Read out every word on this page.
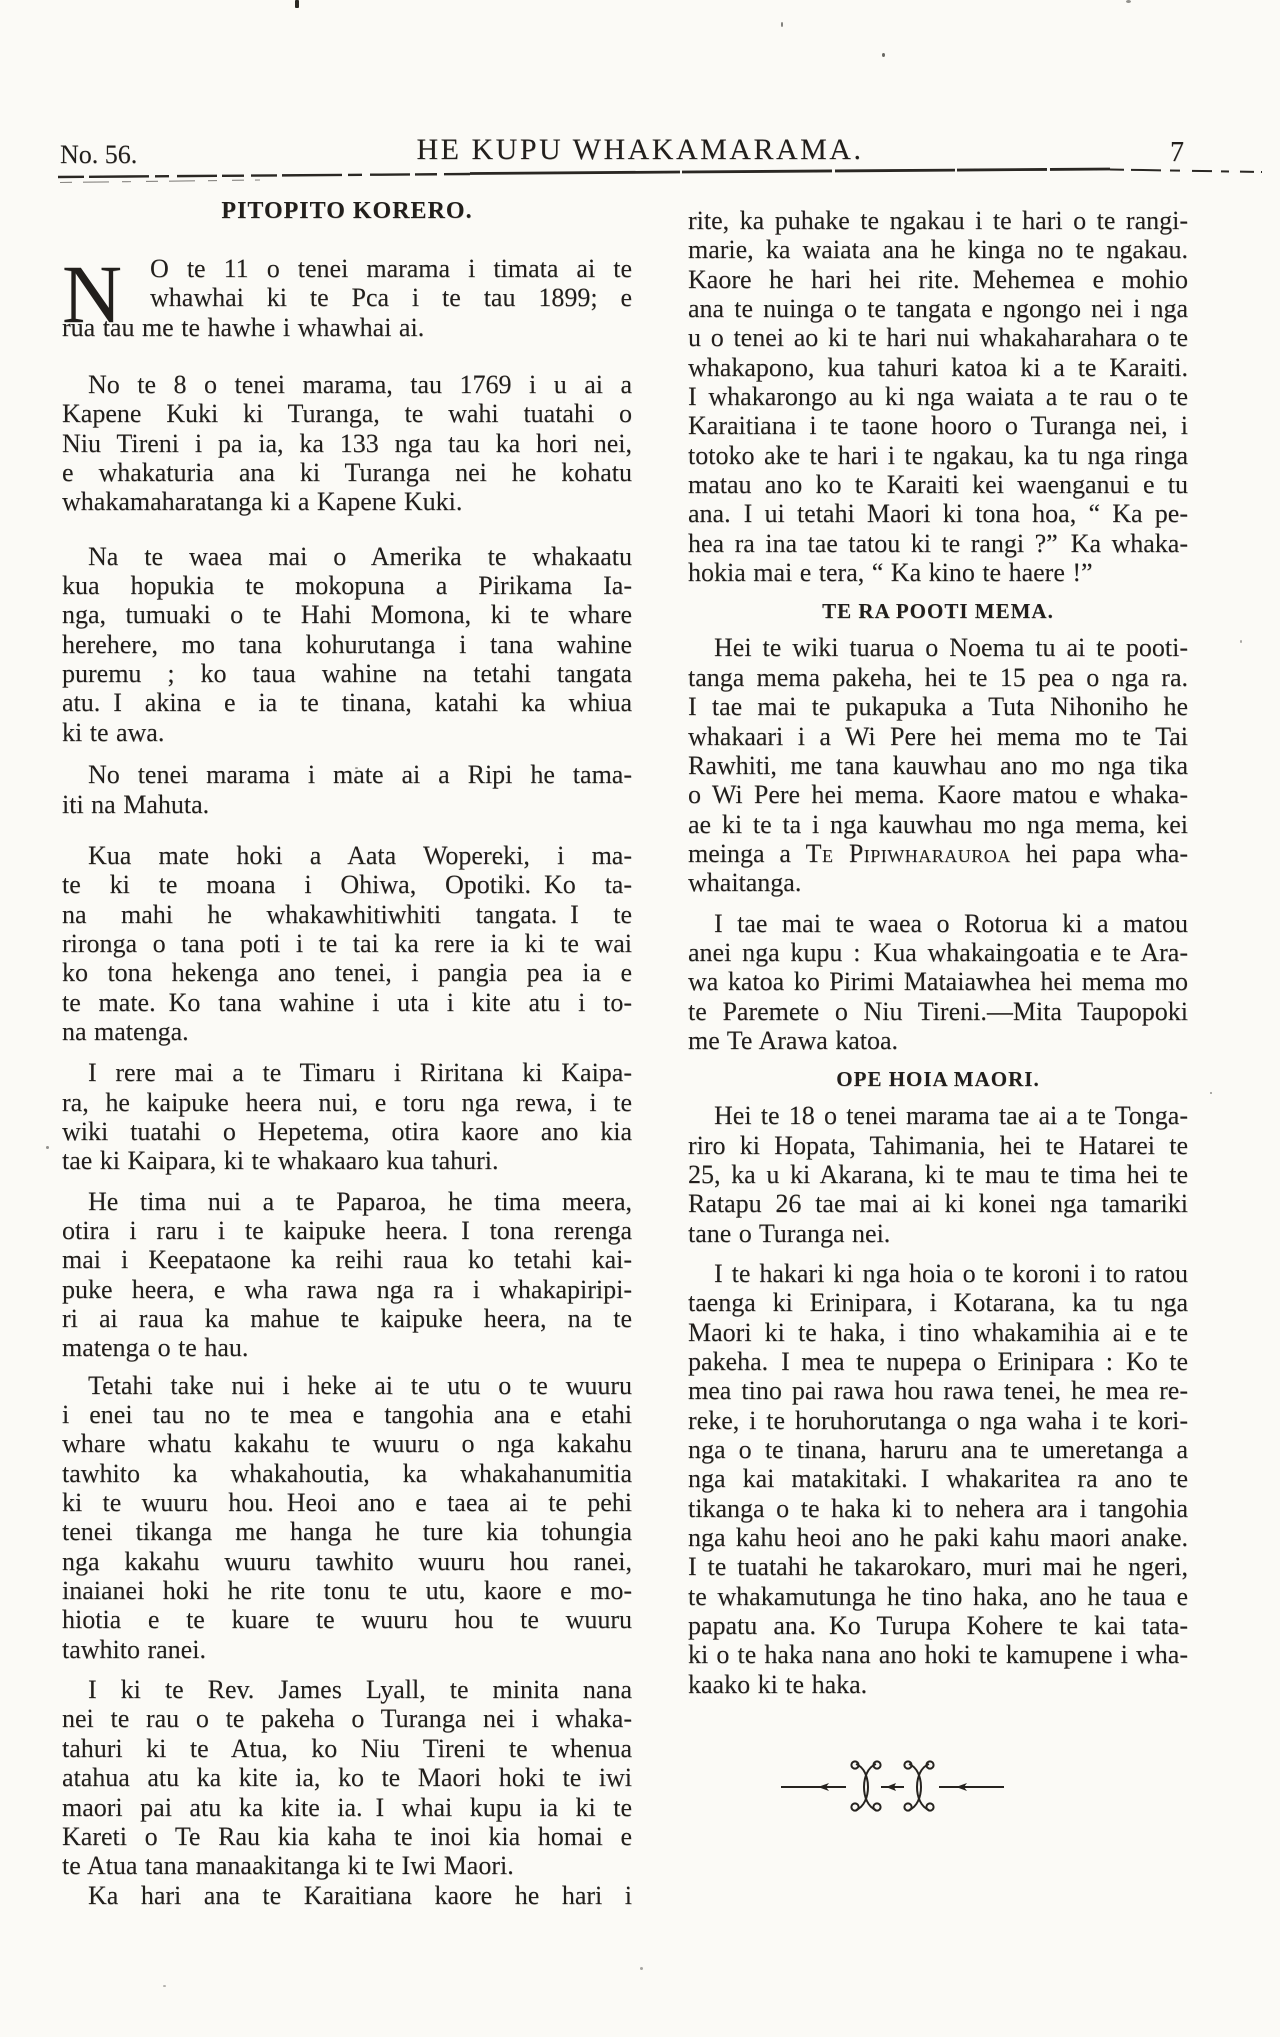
No. 56.	HE KUPU WHAKAMARAMA.	7
PITOPITO KORERO.
N	O te 11 o tenei marama i timata ai te
whawhai ki te Pca i te tau 1899; e
rua tau me te hawhe i whawhai ai.
No te 8 o tenei marama, tau 1769 i u ai a
Kapene Kuki ki Turanga, te wahi tuatahi o
Niu Tireni i pa ia, ka 133 nga tau ka hori nei,
e whakaturia ana ki Turanga nei he kohatu
whakamaharatanga ki a Kapene Kuki.
Na te waea mai o Amerika te whakaatu
kua hopukia te mokopuna a Pirikama Ia-
nga, tumuaki o te Hahi Momona, ki te whare
herehere, mo tana kohurutanga i tana wahine
puremu ; ko taua wahine na tetahi tangata
atu. I akina e ia te tinana, katahi ka whiua
ki te awa.
No tenei marama i mate ai a Ripi he tama-
iti na Mahuta.
Kua mate hoki a Aata Wopereki, i ma-
te ki te moana i Ohiwa, Opotiki. Ko ta-
na mahi he whakawhitiwhiti tangata. I te
rironga o tana poti i te tai ka rere ia ki te wai
ko tona hekenga ano tenei, i pangia pea ia e
te mate. Ko tana wahine i uta i kite atu i to-
na matenga.
I rere mai a te Timaru i Riritana ki Kaipa-
ra, he kaipuke heera nui, e toru nga rewa, i te
wiki tuatahi o Hepetema, otira kaore ano kia
tae ki Kaipara, ki te whakaaro kua tahuri.
He tima nui a te Paparoa, he tima meera,
otira i raru i te kaipuke heera. I tona rerenga
mai i Keepataone ka reihi raua ko tetahi kai-
puke heera, e wha rawa nga ra i whakapiripi-
ri ai raua ka mahue te kaipuke heera, na te
matenga o te hau.
Tetahi take nui i heke ai te utu o te wuuru
i enei tau no te mea e tangohia ana e etahi
whare whatu kakahu te wuuru o nga kakahu
tawhito ka whakahoutia, ka whakahanumitia
ki te wuuru hou. Heoi ano e taea ai te pehi
tenei tikanga me hanga he ture kia tohungia
nga kakahu wuuru tawhito wuuru hou ranei,
inaianei hoki he rite tonu te utu, kaore e mo-
hiotia e te kuare te wuuru hou te wuuru
tawhito ranei.
I ki te Rev. James Lyall, te minita nana
nei te rau o te pakeha o Turanga nei i whaka-
tahuri ki te Atua, ko Niu Tireni te whenua
atahua atu ka kite ia, ko te Maori hoki te iwi
maori pai atu ka kite ia. I whai kupu ia ki te
Kareti o Te Rau kia kaha te inoi kia homai e
te Atua tana manaakitanga ki te Iwi Maori.
Ka hari ana te Karaitiana kaore he hari i
rite, ka puhake te ngakau i te hari o te rangi-
marie, ka waiata ana he kinga no te ngakau.
Kaore he hari hei rite. Mehemea e mohio
ana te nuinga o te tangata e ngongo nei i nga
u o tenei ao ki te hari nui whakaharahara o te
whakapono, kua tahuri katoa ki a te Karaiti.
I whakarongo au ki nga waiata a te rau o te
Karaitiana i te taone hooro o Turanga nei, i
totoko ake te hari i te ngakau, ka tu nga ringa
matau ano ko te Karaiti kei waenganui e tu
ana. I ui tetahi Maori ki tona hoa, “ Ka pe-
hea ra ina tae tatou ki te rangi ?” Ka whaka-
hokia mai e tera, “ Ka kino te haere !”
TE RA POOTI MEMA.
Hei te wiki tuarua o Noema tu ai te pooti-
tanga mema pakeha, hei te 15 pea o nga ra.
I tae mai te pukapuka a Tuta Nihoniho he
whakaari i a Wi Pere hei mema mo te Tai
Rawhiti, me tana kauwhau ano mo nga tika
o Wi Pere hei mema. Kaore matou e whaka-
ae ki te ta i nga kauwhau mo nga mema, kei
meinga a Te Pipiwharauroa hei papa wha-
whaitanga.
I tae mai te waea o Rotorua ki a matou
anei nga kupu : Kua whakaingoatia e te Ara-
wa katoa ko Pirimi Mataiawhea hei mema mo
te Paremete o Niu Tireni.—Mita Taupopoki
me Te Arawa katoa.
OPE HOIA MAORI.
Hei te 18 o tenei marama tae ai a te Tonga-
riro ki Hopata, Tahimania, hei te Hatarei te
25, ka u ki Akarana, ki te mau te tima hei te
Ratapu 26 tae mai ai ki konei nga tamariki
tane o Turanga nei.
I te hakari ki nga hoia o te koroni i to ratou
taenga ki Erinipara, i Kotarana, ka tu nga
Maori ki te haka, i tino whakamihia ai e te
pakeha. I mea te nupepa o Erinipara : Ko te
mea tino pai rawa hou rawa tenei, he mea re-
reke, i te horuhorutanga o nga waha i te kori-
nga o te tinana, haruru ana te umeretanga a
nga kai matakitaki. I whakaritea ra ano te
tikanga o te haka ki to nehera ara i tangohia
nga kahu heoi ano he paki kahu maori anake.
I te tuatahi he takarokaro, muri mai he ngeri,
te whakamutunga he tino haka, ano he taua e
papatu ana. Ko Turupa Kohere te kai tata-
ki o te haka nana ano hoki te kamupene i wha-
kaako ki te haka.
